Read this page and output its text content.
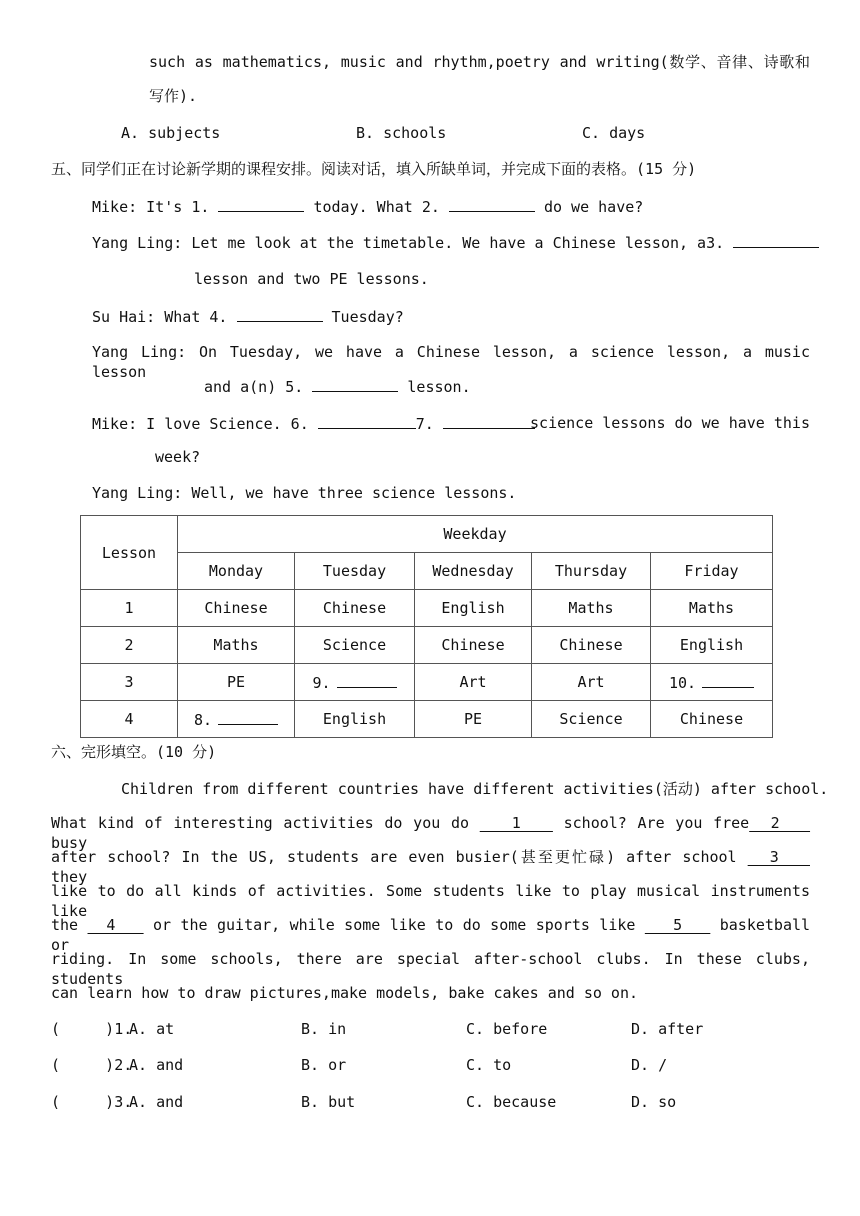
such as mathematics, music and rhythm,poetry and writing(数学、音律、诗歌和
写作).
A. subjects	B. schools	C. days
五、同学们正在讨论新学期的课程安排。阅读对话，填入所缺单词，并完成下面的表格。(15 分)
Mike: It's 1.	today. What 2.	do we have?
Yang Ling: Let me look at the timetable. We have a Chinese lesson, a3.
lesson and two PE lessons.
Su Hai: What 4.	Tuesday?
Yang Ling: On Tuesday, we have a Chinese lesson, a science lesson, a music lesson
and a(n) 5.	lesson.
Mike: I love Science. 6.	7.	science lessons do we have this
week?
Yang Ling: Well, we have three science lessons.
Lesson	Weekday				
	Monday	Tuesday	Wednesday	Thursday	Friday
1	Chinese	Chinese	English	Maths	Maths
2	Maths	Science	Chinese	Chinese	English
3	PE	9.	Art	Art	10.
4	8.	English	PE	Science	Chinese
六、完形填空。(10 分)
Children from different countries have different activities(活动) after school.
What kind of interesting activities do you do    1    school? Are you free  2    busy
after school? In the US, students are even busier(甚至更忙碌) after school   3    they
like to do all kinds of activities. Some students like to play musical instruments like
the   4    or the guitar, while some like to do some sports like    5    basketball or
riding. In some schools, there are special after-school clubs. In these clubs, students
can learn how to draw pictures,make models, bake cakes and so on.
(     )1.
A. at	B. in	C. before	D. after
(     )2.
A. and	B. or	C. to	D. /
(     )3.
A. and	B. but	C. because	D. so
